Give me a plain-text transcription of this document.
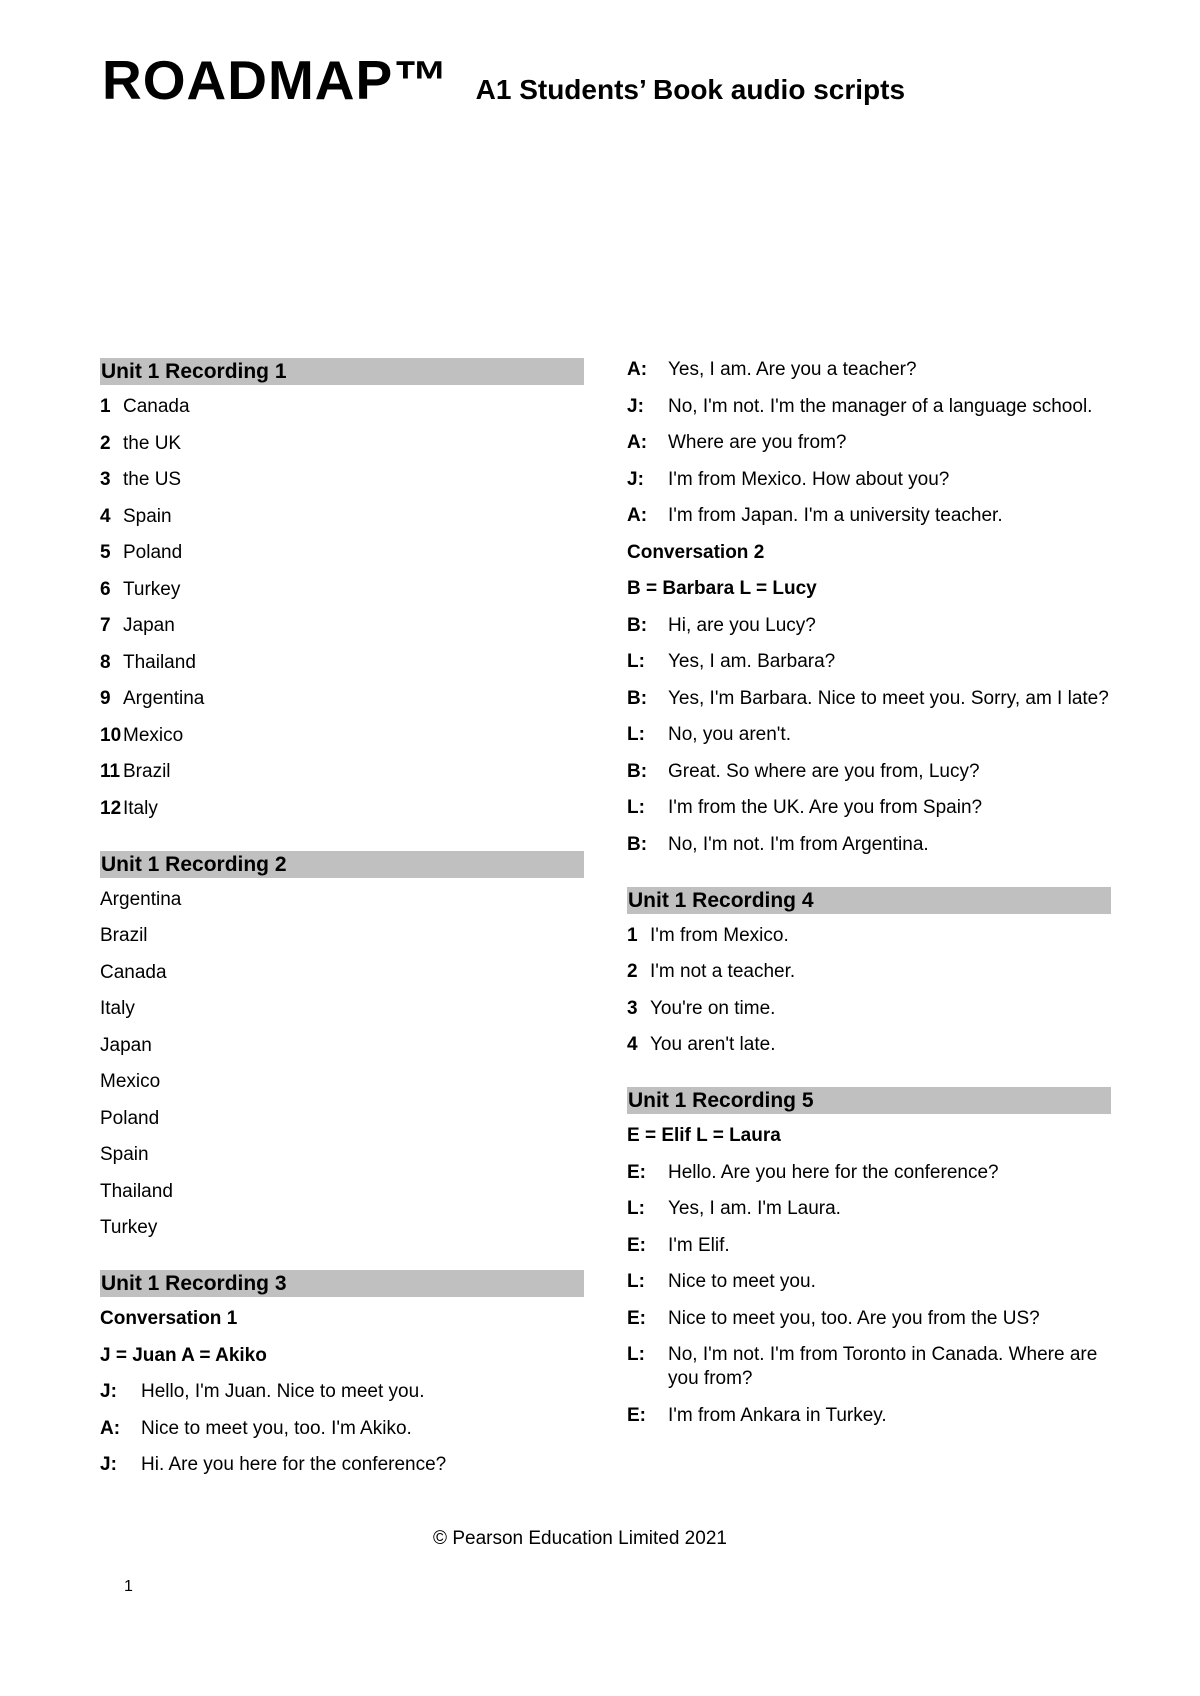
ROADMAP™ A1 Students’ Book audio scripts
Unit 1 Recording 1
1 Canada
2 the UK
3 the US
4 Spain
5 Poland
6 Turkey
7 Japan
8 Thailand
9 Argentina
10Mexico
11 Brazil
12Italy
Unit 1 Recording 2
Argentina
Brazil
Canada
Italy
Japan
Mexico
Poland
Spain
Thailand
Turkey
Unit 1 Recording 3
Conversation 1
J = Juan A = Akiko
J:	Hello, I'm Juan. Nice to meet you.
A:	Nice to meet you, too. I'm Akiko.
J:	Hi. Are you here for the conference?
A:	Yes, I am. Are you a teacher?
J:	No, I'm not. I'm the manager of a language school.
A:	Where are you from?
J:	I'm from Mexico. How about you?
A:	I'm from Japan. I'm a university teacher.
Conversation 2
B = Barbara L = Lucy
B:	Hi, are you Lucy?
L:	Yes, I am. Barbara?
B:	Yes, I'm Barbara. Nice to meet you. Sorry, am I late?
L:	No, you aren't.
B:	Great. So where are you from, Lucy?
L:	I'm from the UK. Are you from Spain?
B:	No, I'm not. I'm from Argentina.
Unit 1 Recording 4
1 I'm from Mexico.
2 I'm not a teacher.
3 You're on time.
4 You aren't late.
Unit 1 Recording 5
E = Elif L = Laura
E:	Hello. Are you here for the conference?
L:	Yes, I am. I'm Laura.
E:	I'm Elif.
L:	Nice to meet you.
E:	Nice to meet you, too. Are you from the US?
L:	No, I'm not. I'm from Toronto in Canada. Where are you from?
E:	I'm from Ankara in Turkey.
© Pearson Education Limited 2021
1
